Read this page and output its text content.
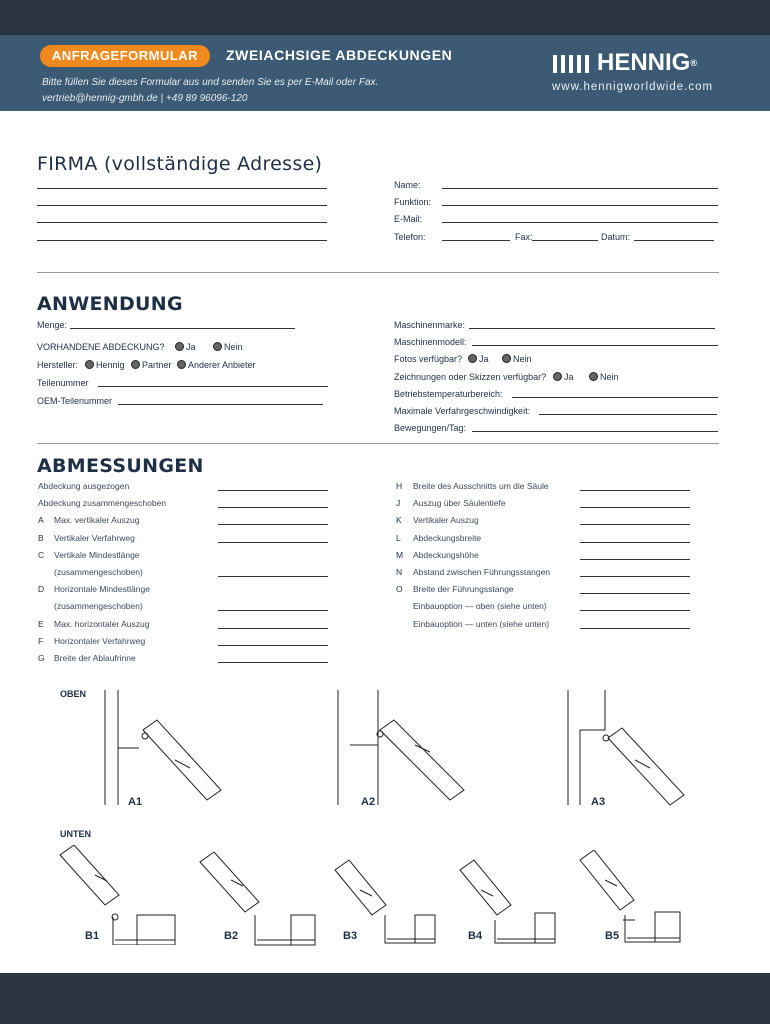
ANFRAGEFORMULAR	ZWEIACHSIGE ABDECKUNGEN
Bitte füllen Sie dieses Formular aus und senden Sie es per E-Mail oder Fax.
vertrieb@hennig-gmbh.de | +49 89 96096-120
HENNIG®
www.hennigworldwide.com
FIRMA (vollständige Adresse)
Name:
Funktion:
E-Mail:
Telefon:	Fax:	Datum:
ANWENDUNG
Menge:
VORHANDENE ABDECKUNG?	Ja	Nein
Hersteller:	Hennig	Partner	Anderer Anbieter
Teilenummer
OEM-Teilenummer
Maschinenmarke:
Maschinenmodell:
Fotos verfügbar?	Ja	Nein
Zeichnungen oder Skizzen verfügbar?	Ja	Nein
Betriebstemperaturbereich:
Maximale Verfahrgeschwindigkeit:
Bewegungen/Tag:
ABMESSUNGEN
Abdeckung ausgezogen
Abdeckung zusammengeschoben
A Max. vertikaler Auszug
B Vertikaler Verfahrweg
C Vertikale Mindestlänge
(zusammengeschoben)
D Horizontale Mindestlänge
(zusammengeschoben)
E Max. horizontaler Auszug
F Horizontaler Verfahrweg
G Breite der Ablaufrinne
H Breite des Ausschnitts um die Säule
J Auszug über Säulentiefe
K Vertikaler Auszug
L Abdeckungsbreite
M Abdeckungshöhe
N Abstand zwischen Führungsstangen
O Breite der Führungsstange
Einbauoption — oben (siehe unten)
Einbauoption — unten (siehe unten)
OBEN
UNTEN
A1	A2	A3
B1	B2	B3	B4	B5
